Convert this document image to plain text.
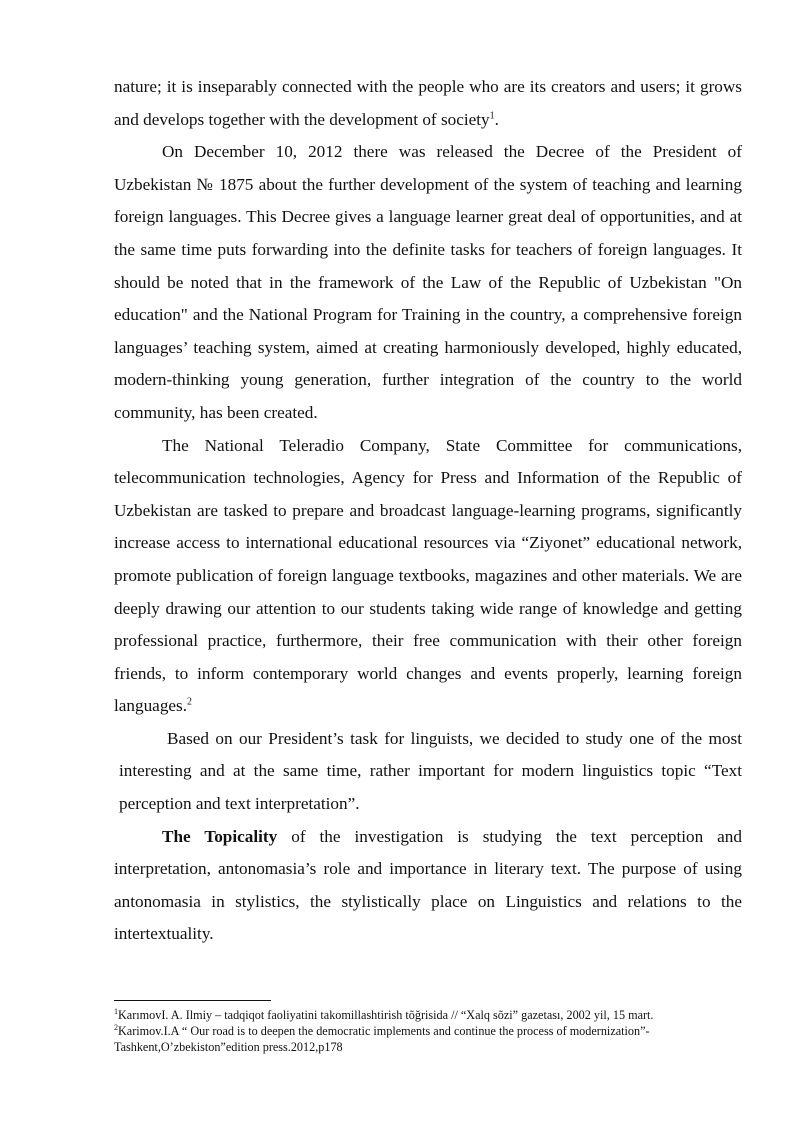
nature; it is inseparably connected with the people who are its creators and users; it grows and develops together with the development of society$^1$.

On December 10, 2012 there was released the Decree of the President of Uzbekistan № 1875 about the further development of the system of teaching and learning foreign languages. This Decree gives a language learner great deal of opportunities, and at the same time puts forwarding into the definite tasks for teachers of foreign languages. It should be noted that in the framework of the Law of the Republic of Uzbekistan "On education" and the National Program for Training in the country, a comprehensive foreign languages’ teaching system, aimed at creating harmoniously developed, highly educated, modern-thinking young generation, further integration of the country to the world community, has been created.

The National Teleradio Company, State Committee for communications, telecommunication technologies, Agency for Press and Information of the Republic of Uzbekistan are tasked to prepare and broadcast language-learning programs, significantly increase access to international educational resources via “Ziyonet” educational network, promote publication of foreign language textbooks, magazines and other materials. We are deeply drawing our attention to our students taking wide range of knowledge and getting professional practice, furthermore, their free communication with their other foreign friends, to inform contemporary world changes and events properly, learning foreign languages.$^2$

Based on our President’s task for linguists, we decided to study one of the most interesting and at the same time, rather important for modern linguistics topic “Text perception and text interpretation”.

The Topicality of the investigation is studying the text perception and interpretation, antonomasia’s role and importance in literary text. The purpose of using antonomasia in stylistics, the stylistically place on Linguistics and relations to the intertextuality.

$^1$KarımovI. A. Ilmiy – tadqiqot faoliyatini takomillashtirish tõğrisida // “Xalq sõzi” gazetası, 2002 yil, 15 mart.

$^2$Karimov.I.A “ Our road is to deepen the democratic implements and continue the process of modernization”-Tashkent,O’zbekiston”edition press.2012,p178
